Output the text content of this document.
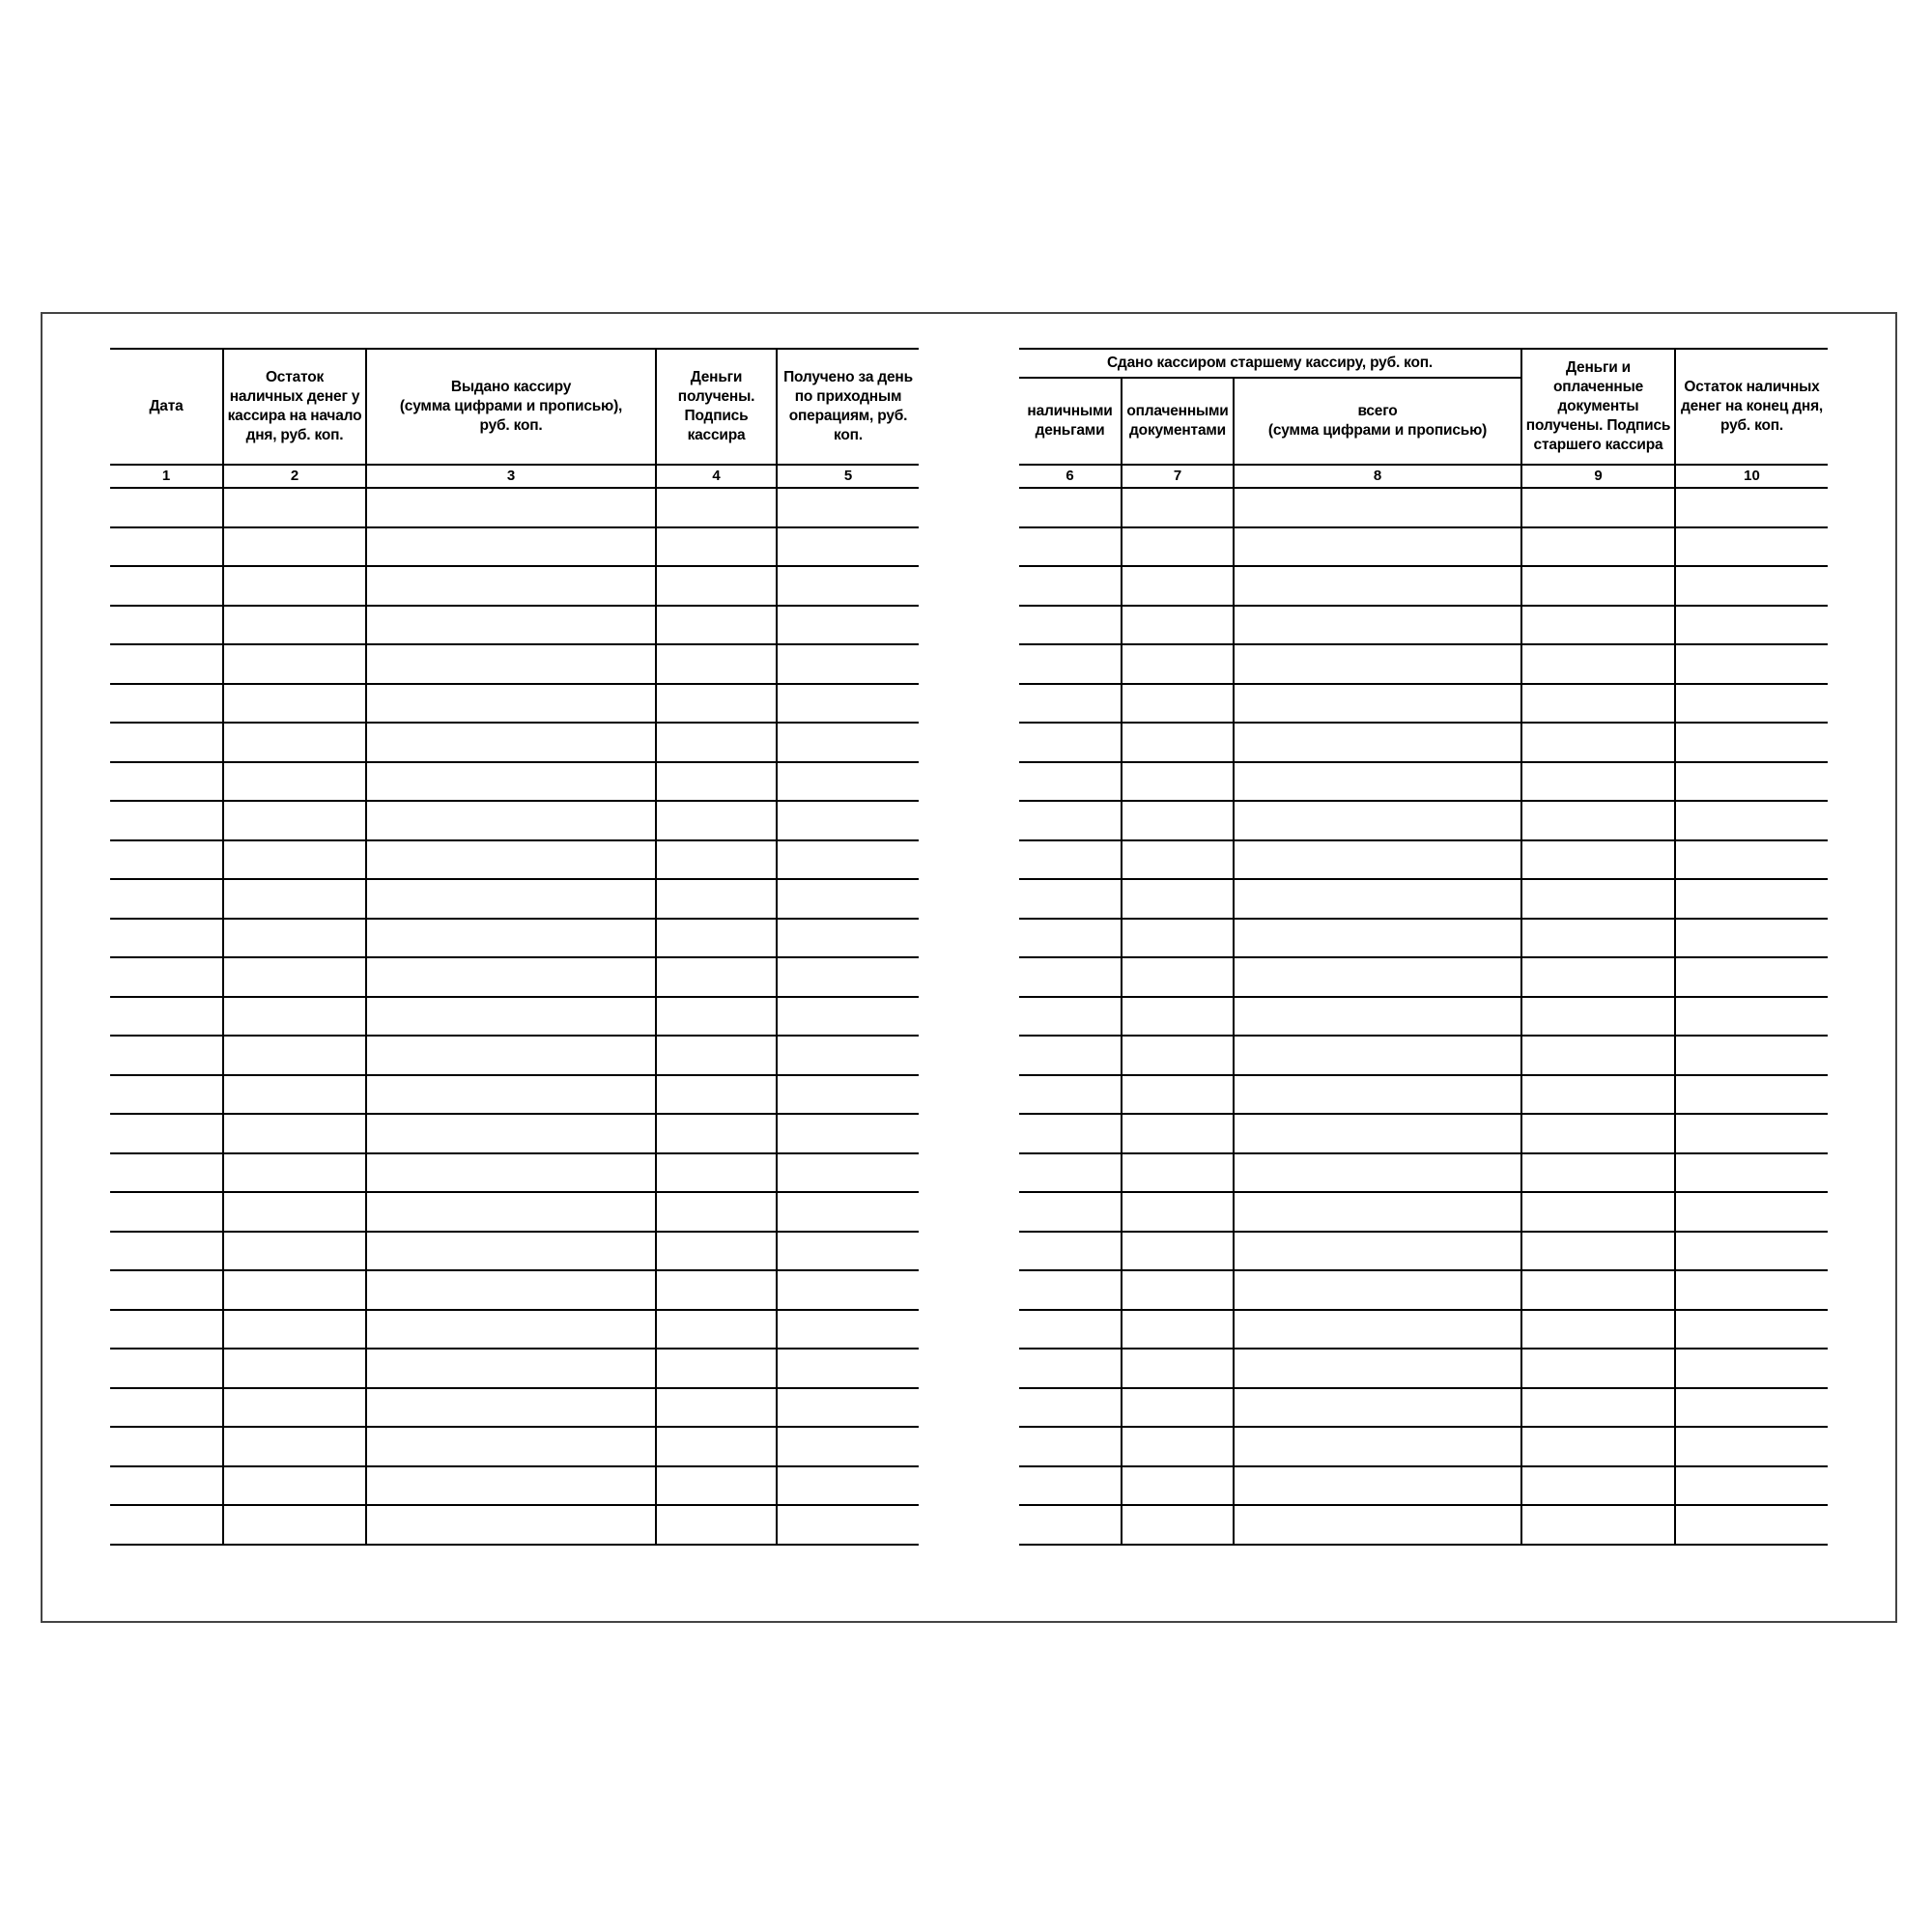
Дата	Остаток наличных денег у кассира на начало дня, руб. коп.	Выдано кассиру
(сумма цифрами и прописью),
руб. коп.	Деньги получены. Подпись кассира	Получено за день по приходным операциям, руб. коп.
1	2	3	4	5

Сдано кассиром старшему кассиру, руб. коп.			Деньги и оплаченные документы получены. Подпись старшего кассира	Остаток наличных денег на конец дня, руб. коп.
наличными деньгами	оплаченными документами	всего
(сумма цифрами и прописью)		
6	7	8	9	10
